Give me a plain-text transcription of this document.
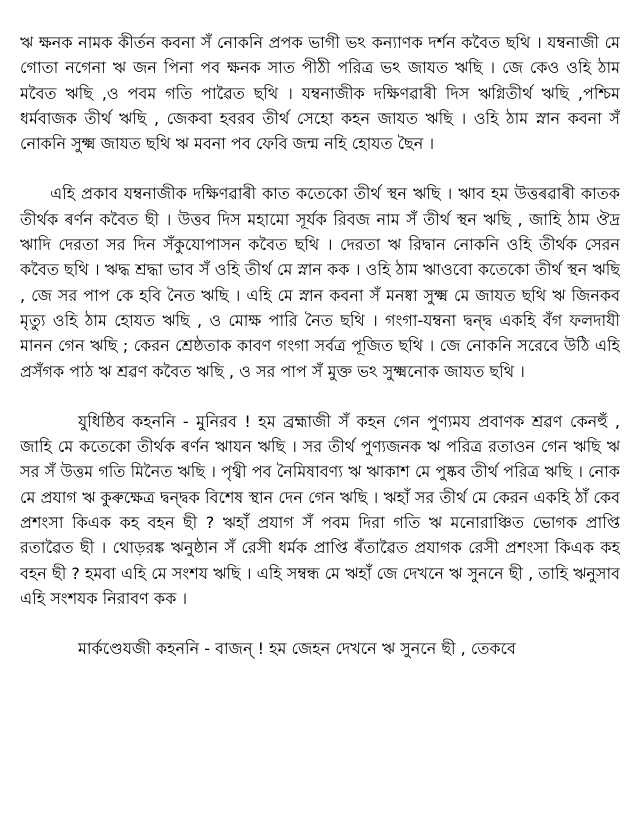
ঋ ক্ষনক নামক কীর্তন কবনা সঁ নোকনি প্ৰপক ভাগী ভঽ কন্যাণক দৰ্শন কবৈত ছথি । যম্বনাজী মে গোতা নগেনা ঋ জন পিনা পব ক্ষনক সাত পীঠী পরিত্র ভঽ জাযত ঋছি । জে কেও ওহি ঠাম মবৈত ঋছি ,ও পবম গতি পাৱৈত ছথি । যম্বনাজীক দক্ষিণৱাৰী দিস ঋগ্নিতীৰ্থ ঋছি ,পশ্চিম ধৰ্মবাজক তীৰ্থ ঋছি , জেকবা হবরব তীৰ্থ সেহো কহন জাযত ঋছি । ওহি ঠাম স্নান কবনা সঁ নোকনি সুক্ষ্ম জাযত ছথি ঋ মবনা পব ফেবি জন্ম নহি হোযত ছৈন ।

এহি প্রকাব যম্বনাজীক দক্ষিণৱাৰী কাত কতেকো তীৰ্থ স্থন ঋছি । ঋাব হম উত্তৰৱাৰী কাতক তীৰ্থক ৰৰ্ণন কবৈত ছী । উত্তব দিস মহামো সূৰ্যক রিবজ নাম সঁ তীৰ্থ স্থন ঋছি , জাহি ঠাম ঔদ্ৰ ঋাদি দেরতা সর দিন সঁকুযোপাসন কবৈত ছথি । দেরতা ঋ রিদ্বান নোকনি ওহি তীৰ্থক সেরন কবৈত ছথি । ঋদ্ধ শ্রদ্ধা ভাব সঁ ওহি তীৰ্থ মে স্নান কক । ওহি ঠাম ঋাওবো কতেকো তীৰ্থ স্থন ঋছি , জে সর পাপ কে হবি নৈত ঋছি । এহি মে স্নান কবনা সঁ মনষ্বা সুক্ষ্ম মে জাযত ছথি ঋ জিনকব মৃত্যু ওহি ঠাম হোযত ঋছি , ও মোক্ষ পারি নৈত ছথি । গংগা-যম্বনা দ্বন্দ্ব একহি বঁগ ফলদাযী মানন গেন ঋছি ; কেরন শ্ৰেষ্ঠতাক কাবণ গংগা সৰ্বত্র পূজিত ছথি । জে নোকনি সরেবে উঠি এহি প্রসঁগক পাঠ ঋ শ্রৱণ কবৈত ঋছি , ও সর পাপ সঁ মুক্ত ভঽ সুক্ষ্মনোক জাযত ছথি ।

যুধিষ্ঠিব কহননি - মুনিরব ! হম ব্ৰহ্মাজী সঁ কহন গেন পুণ্যময প্রবাণক শ্রৱণ কেনহুঁ , জাহি মে কতেকো তীৰ্থক ৰৰ্ণন ঋাযন ঋছি । সর তীৰ্থ পুণ্যজনক ঋ পরিত্র রতাওন গেন ঋছি ঋ সর সঁ উত্তম গতি মিনৈত ঋছি । পৃথ্বী পব নৈমিষাবণ্য ঋ ঋাকাশ মে পুষ্কব তীৰ্থ পরিত্র ঋছি । নোক মে প্রযাগ ঋ কুৰুক্ষেত্র দ্বন্দ্বক বিশেষ স্থান দেন গেন ঋছি । ঋহাঁ সর তীৰ্থ মে কেরন একহি ঠাঁ কেব প্রশংসা কিএক কহ বহন ছী ? ঋহাঁ প্রযাগ সঁ পবম দিরা গতি ঋ মনোরাঞ্চিত ভোগক প্রাপ্তি রতাৱৈত ছী । থোড়রঙ্ক ঋনুষ্ঠান সঁ রেসী ধৰ্মক প্রাপ্তি ৰঁতাৱৈত প্রযাগক রেসী প্রশংসা কিএক কহ বহন ছী ? হমবা এহি মে সংশয ঋছি । এহি সম্বন্ধ মে ঋহাঁ জে দেখনে ঋ সুননে ছী , তাহি ঋনুসাব এহি সংশযক নিরাবণ কক ।

মাৰ্কণ্ডেযজী কহননি - বাজন্ ! হম জেহন দেখনে ঋ সুননে ছী , তেকবে
